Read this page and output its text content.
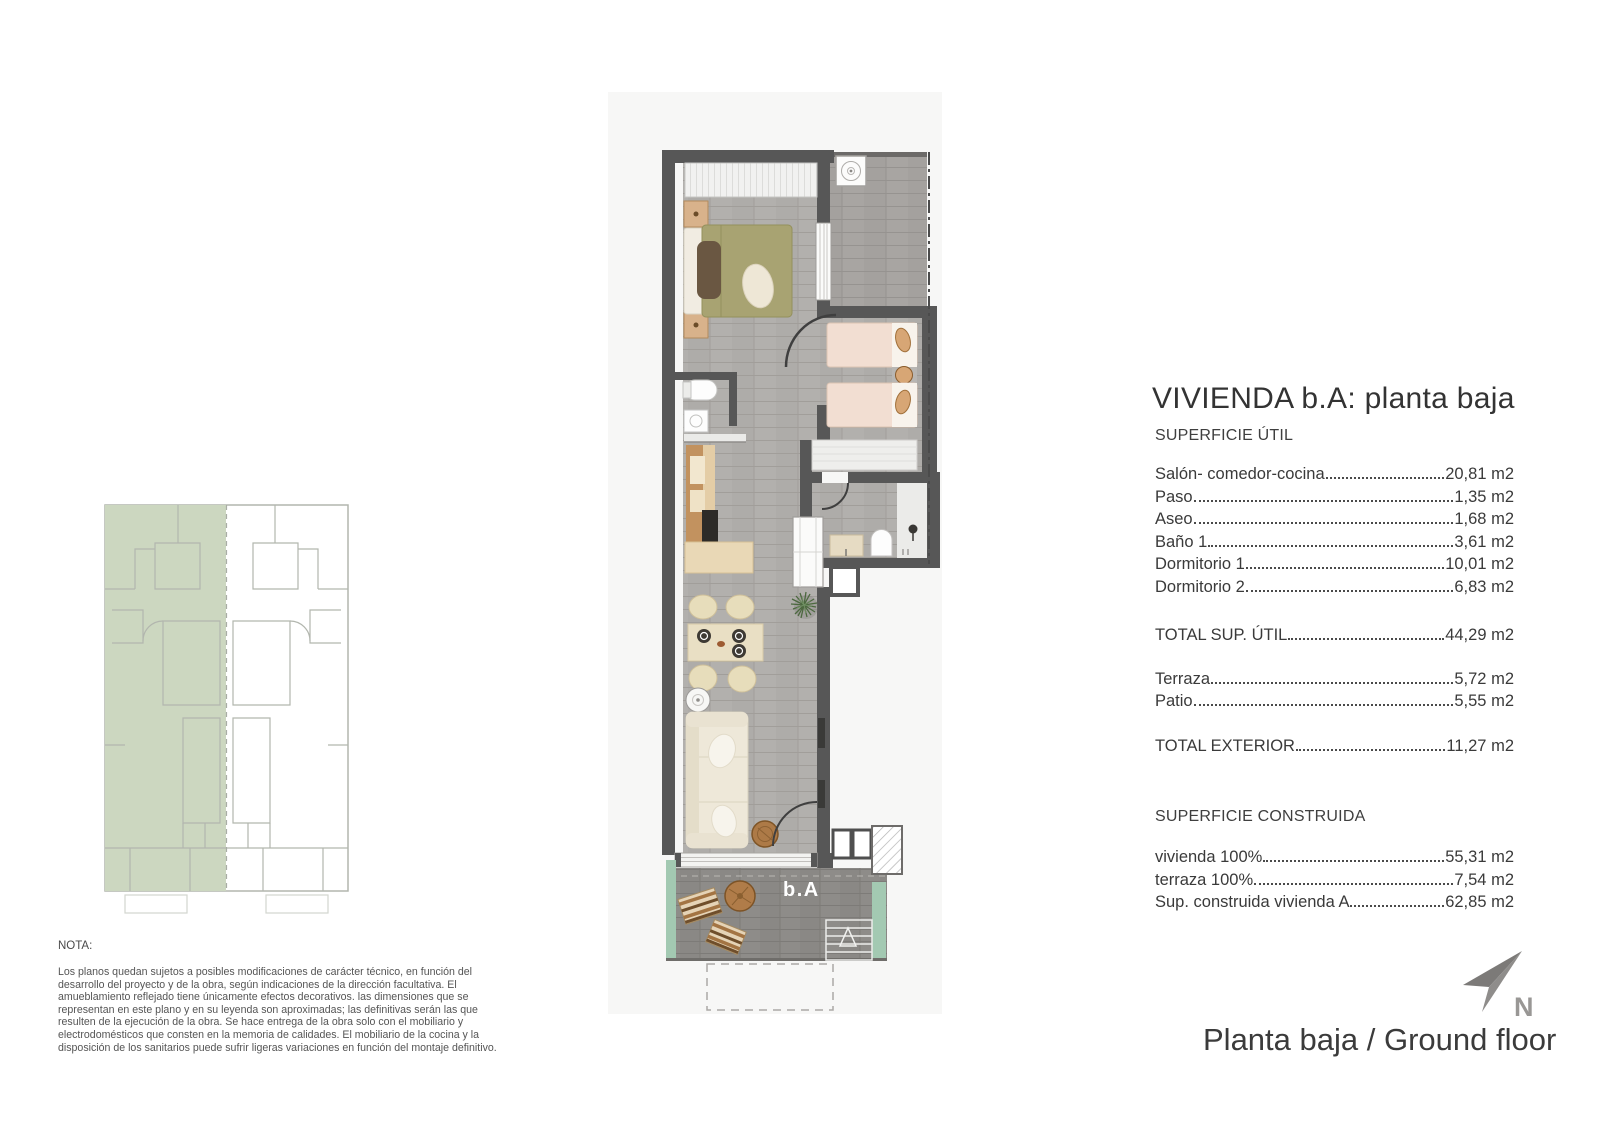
b.A
VIVIENDA b.A: planta baja
SUPERFICIE ÚTIL
Salón- comedor-cocina	20,81 m2
Paso	1,35 m2
Aseo	1,68 m2
Baño 1	3,61 m2
Dormitorio 1	10,01 m2
Dormitorio 2	6,83 m2
TOTAL SUP. ÚTIL	44,29 m2
Terraza	5,72 m2
Patio	5,55 m2
TOTAL EXTERIOR	11,27 m2
SUPERFICIE CONSTRUIDA
vivienda 100%	55,31 m2
terraza 100%	7,54 m2
Sup. construida vivienda A	62,85 m2
NOTA:
Los planos quedan sujetos a posibles modificaciones de carácter técnico, en función del desarrollo del proyecto y de la obra, según indicaciones de la dirección facultativa. El amueblamiento reflejado tiene únicamente efectos decorativos. las dimensiones que se representan en este plano y en su leyenda son aproximadas; las definitivas serán las que resulten de la ejecución de la obra. Se hace entrega de la obra solo con el mobiliario y electrodomésticos que consten en la memoria de calidades. El mobiliario de la cocina y la disposición de los sanitarios puede sufrir ligeras variaciones en función del montaje definitivo.
N
Planta baja / Ground floor
